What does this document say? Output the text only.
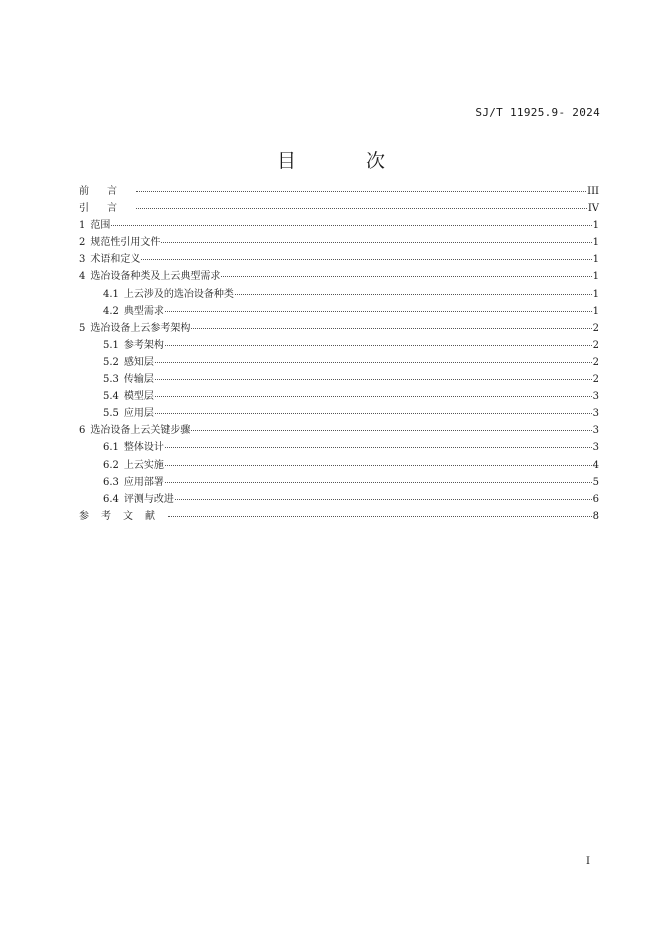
SJ/T 11925.9- 2024
目 次
前言	III
引言	IV
1 范围	1
2 规范性引用文件	1
3 术语和定义	1
4 选冶设备种类及上云典型需求	1
4.1 上云涉及的选冶设备种类	1
4.2 典型需求	1
5 选冶设备上云参考架构	2
5.1 参考架构	2
5.2 感知层	2
5.3 传输层	2
5.4 模型层	3
5.5 应用层	3
6 选冶设备上云关键步骤	3
6.1 整体设计	3
6.2 上云实施	4
6.3 应用部署	5
6.4 评测与改进	6
参考文献	8
I
